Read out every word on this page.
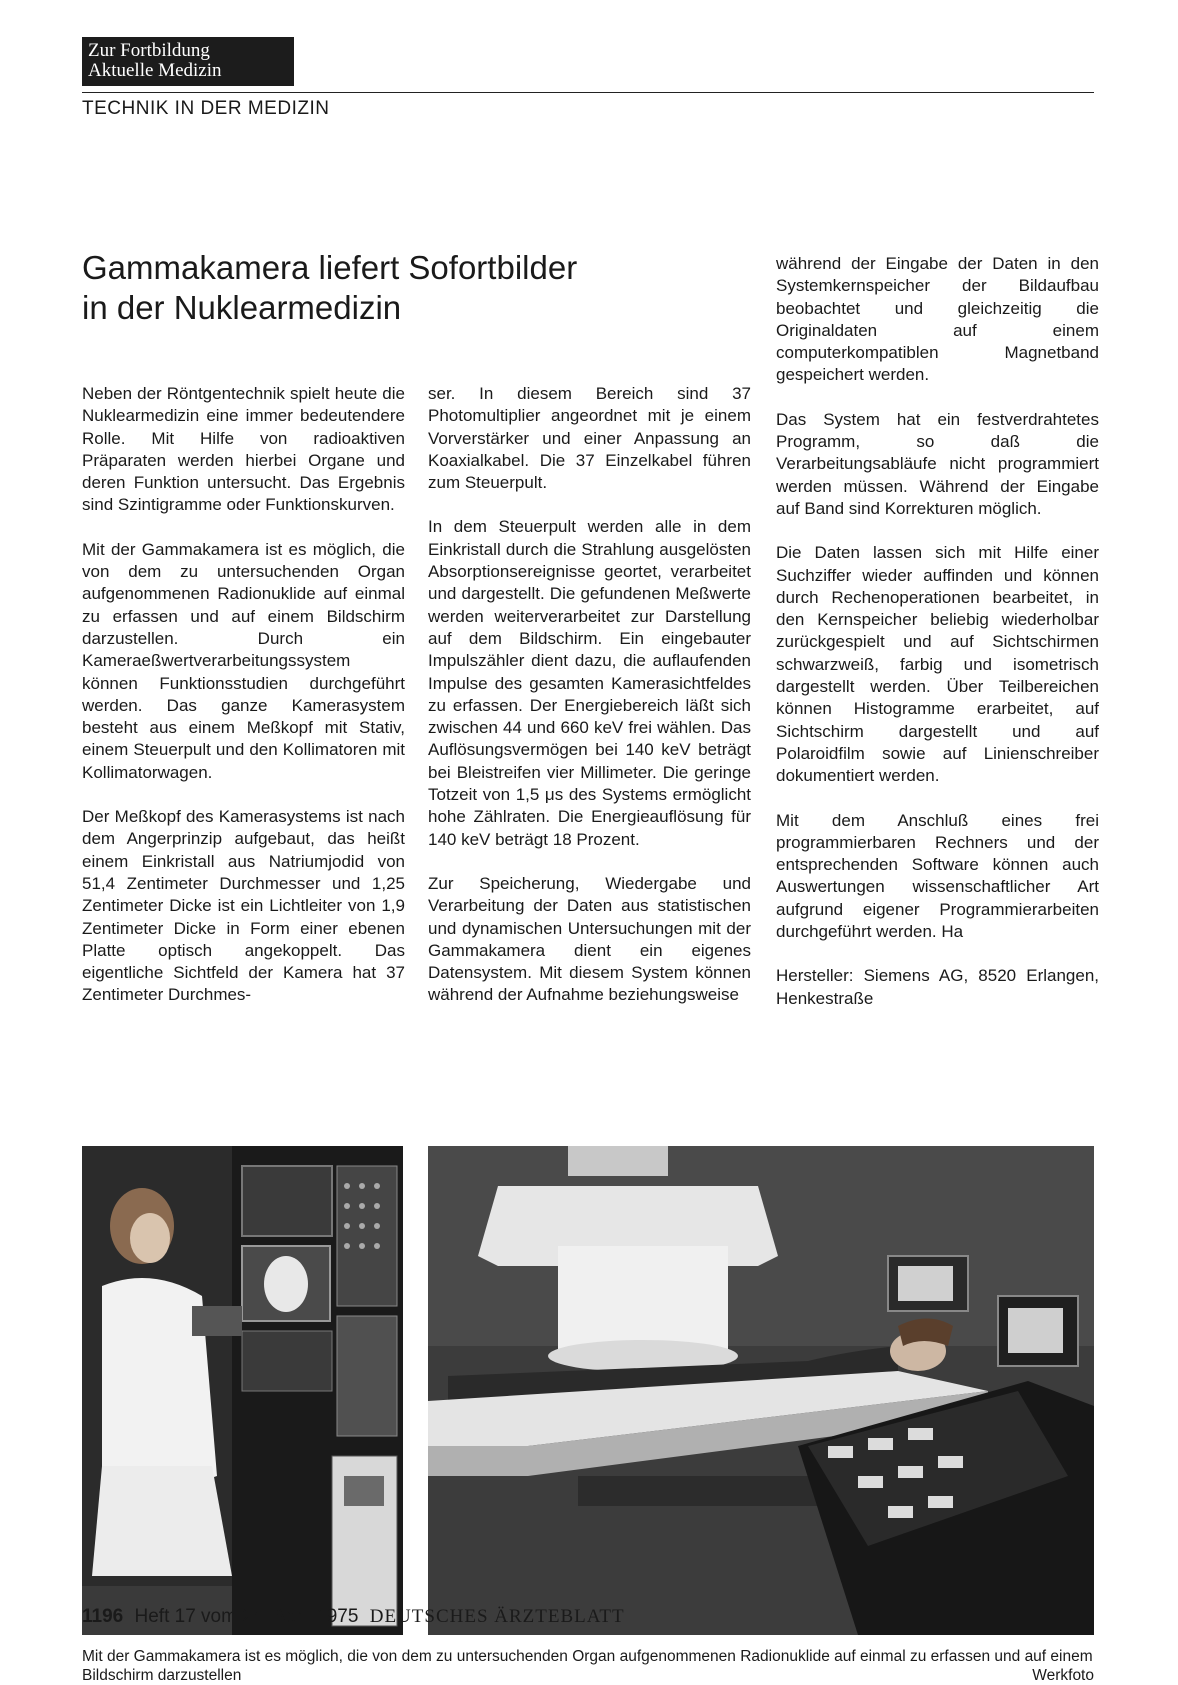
Zur Fortbildung
Aktuelle Medizin
TECHNIK IN DER MEDIZIN
Gammakamera liefert Sofortbilder
in der Nuklearmedizin

Neben der Röntgentechnik spielt heute die Nuklearmedizin eine immer bedeutendere Rolle. Mit Hilfe von radioaktiven Präparaten werden hierbei Organe und deren Funktion untersucht. Das Ergebnis sind Szintigramme oder Funktionskurven.

Mit der Gammakamera ist es möglich, die von dem zu untersuchenden Organ aufgenommenen Radionuklide auf einmal zu erfassen und auf einem Bildschirm darzustellen. Durch ein Kameraeßwertverarbeitungssystem können Funktionsstudien durchgeführt werden. Das ganze Kamerasystem besteht aus einem Meßkopf mit Stativ, einem Steuerpult und den Kollimatoren mit Kollimatorwagen.

Der Meßkopf des Kamerasystems ist nach dem Angerprinzip aufgebaut, das heißt einem Einkristall aus Natriumjodid von 51,4 Zentimeter Durchmesser und 1,25 Zentimeter Dicke ist ein Lichtleiter von 1,9 Zentimeter Dicke in Form einer ebenen Platte optisch angekoppelt. Das eigentliche Sichtfeld der Kamera hat 37 Zentimeter Durchmes-

ser. In diesem Bereich sind 37 Photomultiplier angeordnet mit je einem Vorverstärker und einer Anpassung an Koaxialkabel. Die 37 Einzelkabel führen zum Steuerpult.

In dem Steuerpult werden alle in dem Einkristall durch die Strahlung ausgelösten Absorptionsereignisse geortet, verarbeitet und dargestellt. Die gefundenen Meßwerte werden weiterverarbeitet zur Darstellung auf dem Bildschirm. Ein eingebauter Impulszähler dient dazu, die auflaufenden Impulse des gesamten Kamerasichtfeldes zu erfassen. Der Energiebereich läßt sich zwischen 44 und 660 keV frei wählen. Das Auflösungsvermögen bei 140 keV beträgt bei Bleistreifen vier Millimeter. Die geringe Totzeit von 1,5 μs des Systems ermöglicht hohe Zählraten. Die Energieauflösung für 140 keV beträgt 18 Prozent.

Zur Speicherung, Wiedergabe und Verarbeitung der Daten aus statistischen und dynamischen Untersuchungen mit der Gammakamera dient ein eigenes Datensystem. Mit diesem System können während der Aufnahme beziehungsweise

während der Eingabe der Daten in den Systemkernspeicher der Bildaufbau beobachtet und gleichzeitig die Originaldaten auf einem computerkompatiblen Magnetband gespeichert werden.

Das System hat ein festverdrahtetes Programm, so daß die Verarbeitungsabläufe nicht programmiert werden müssen. Während der Eingabe auf Band sind Korrekturen möglich.

Die Daten lassen sich mit Hilfe einer Suchziffer wieder auffinden und können durch Rechenoperationen bearbeitet, in den Kernspeicher beliebig wiederholbar zurückgespielt und auf Sichtschirmen schwarzweiß, farbig und isometrisch dargestellt werden. Über Teilbereichen können Histogramme erarbeitet, auf Sichtschirm dargestellt und auf Polaroidfilm sowie auf Linienschreiber dokumentiert werden.

Mit dem Anschluß eines frei programmierbaren Rechners und der entsprechenden Software können auch Auswertungen wissenschaftlicher Art aufgrund eigener Programmierarbeiten durchgeführt werden. Ha

Hersteller: Siemens AG, 8520 Erlangen, Henkestraße

Mit der Gammakamera ist es möglich, die von dem zu untersuchenden Organ aufgenommenen Radionuklide auf einmal zu erfassen und auf einem Bildschirm darzustellen	Werkfoto
1196 Heft 17 vom 24. April 1975 DEUTSCHES ÄRZTEBLATT
